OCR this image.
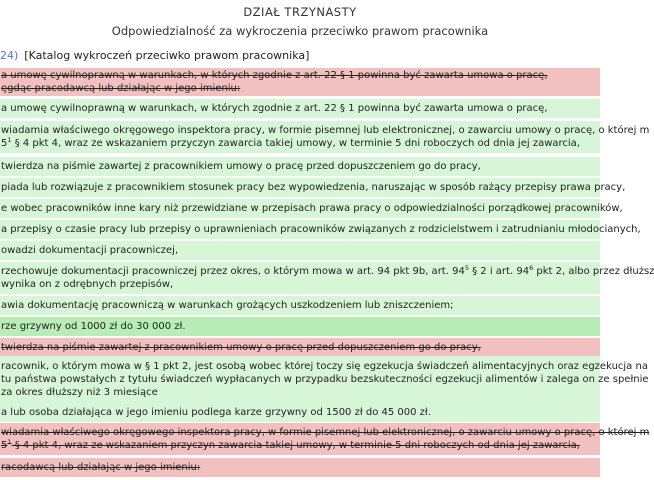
DZIAŁ TRZYNASTY
Odpowiedzialność za wykroczenia przeciwko prawom pracownika
24) [Katalog wykroczeń przeciwko prawom pracownika]
a umowę cywilnoprawną w warunkach, w których zgodnie z art. 22 § 1 powinna być zawarta umowa o pracę,
ęgdąc pracodawcą lub działając w jego imieniu:
a umowę cywilnoprawną w warunkach, w których zgodnie z art. 22 § 1 powinna być zawarta umowa o pracę,
wiadamia właściwego okręgowego inspektora pracy, w formie pisemnej lub elektronicznej, o zawarciu umowy o pracę, o której m
$5^1$ § 4 pkt 4, wraz ze wskazaniem przyczyn zawarcia takiej umowy, w terminie 5 dni roboczych od dnia jej zawarcia,
twierdza na piśmie zawartej z pracownikiem umowy o pracę przed dopuszczeniem go do pracy,
piada lub rozwiązuje z pracownikiem stosunek pracy bez wypowiedzenia, naruszając w sposób rażący przepisy prawa pracy,
e wobec pracowników inne kary niż przewidziane w przepisach prawa pracy o odpowiedzialności porządkowej pracowników,
a przepisy o czasie pracy lub przepisy o uprawnieniach pracowników związanych z rodzicielstwem i zatrudnianiu młodocianych,
owadzi dokumentacji pracowniczej,
rzechowuje dokumentacji pracowniczej przez okres, o którym mowa w art. 94 pkt 9b, art. $94^5$ § 2 i art. $94^6$ pkt 2, albo przez dłuższ
wynika on z odrębnych przepisów,
awia dokumentację pracowniczą w warunkach grożących uszkodzeniem lub zniszczeniem;
rze grzywny od 1000 zł do 30 000 zł.
twierdza na piśmie zawartej z pracownikiem umowy o pracę przed dopuszczeniem go do pracy,
racownik, o którym mowa w § 1 pkt 2, jest osobą wobec której toczy się egzekucja świadczeń alimentacyjnych oraz egzekucja na
tu państwa powstałych z tytułu świadczeń wypłacanych w przypadku bezskuteczności egzekucji alimentów i zalega on ze spełnie
za okres dłuższy niż 3 miesiące
a lub osoba działająca w jego imieniu podlega karze grzywny od 1500 zł do 45 000 zł.
wiadamia właściwego okręgowego inspektora pracy, w formie pisemnej lub elektronicznej, o zawarciu umowy o pracę, o której m
$5^1$ § 4 pkt 4, wraz ze wskazaniem przyczyn zawarcia takiej umowy, w terminie 5 dni roboczych od dnia jej zawarcia,
racodawcą lub działając w jego imieniu:
